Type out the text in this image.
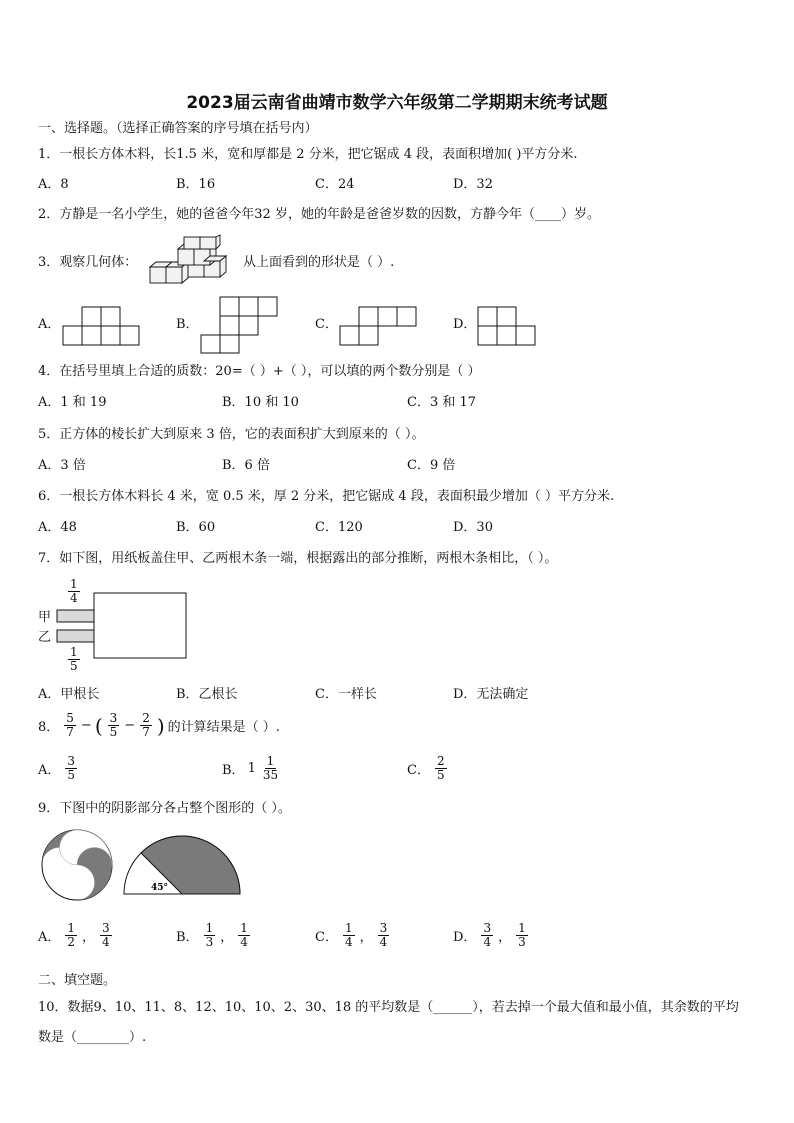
2023届云南省曲靖市数学六年级第二学期期末统考试题
一、选择题。（选择正确答案的序号填在括号内）
1．一根长方体木料，长1.5 米，宽和厚都是 2 分米，把它锯成 4 段，表面积增加( )平方分米.
A．8	B．16	C．24	D．32
2．方静是一名小学生，她的爸爸今年32 岁，她的年龄是爸爸岁数的因数，方静今年（____）岁。
3．观察几何体：	从上面看到的形状是（ ）.
A．	B．	C．	D．
4．在括号里填上合适的质数：20=（ ）+（ ），可以填的两个数分别是（ ）
A．1 和 19	B．10 和 10	C．3 和 17
5．正方体的棱长扩大到原来 3 倍，它的表面积扩大到原来的（ ）。
A．3 倍	B．6 倍	C．9 倍
6．一根长方体木料长 4 米，宽 0.5 米，厚 2 分米，把它锯成 4 段，表面积最少增加（ ）平方分米.
A．48	B．60	C．120	D．30
7．如下图，用纸板盖住甲、乙两根木条一端，根据露出的部分推断，两根木条相比，（ ）。
$\frac{1}{4}$
甲
乙
$\frac{1}{5}$
A．甲根长	B．乙根长	C．一样长	D．无法确定
8． $\frac{5}{7}$ − ( $\frac{3}{5} - \frac{2}{7}$ ) 的计算结果是（ ）.
A． $\frac{3}{5}$	B． $1 \frac{1}{35}$	C． $\frac{2}{5}$
9．下图中的阴影部分各占整个图形的（ ）。
45°
A． $\frac{1}{2}$ ， $\frac{3}{4}$	B． $\frac{1}{3}$ ， $\frac{1}{4}$	C． $\frac{1}{4}$ ， $\frac{3}{4}$	D． $\frac{3}{4}$ ， $\frac{1}{3}$
二、填空题。
10．数据9、10、11、8、12、10、10、2、30、18 的平均数是（______），若去掉一个最大值和最小值，其余数的平均
数是（________）.
